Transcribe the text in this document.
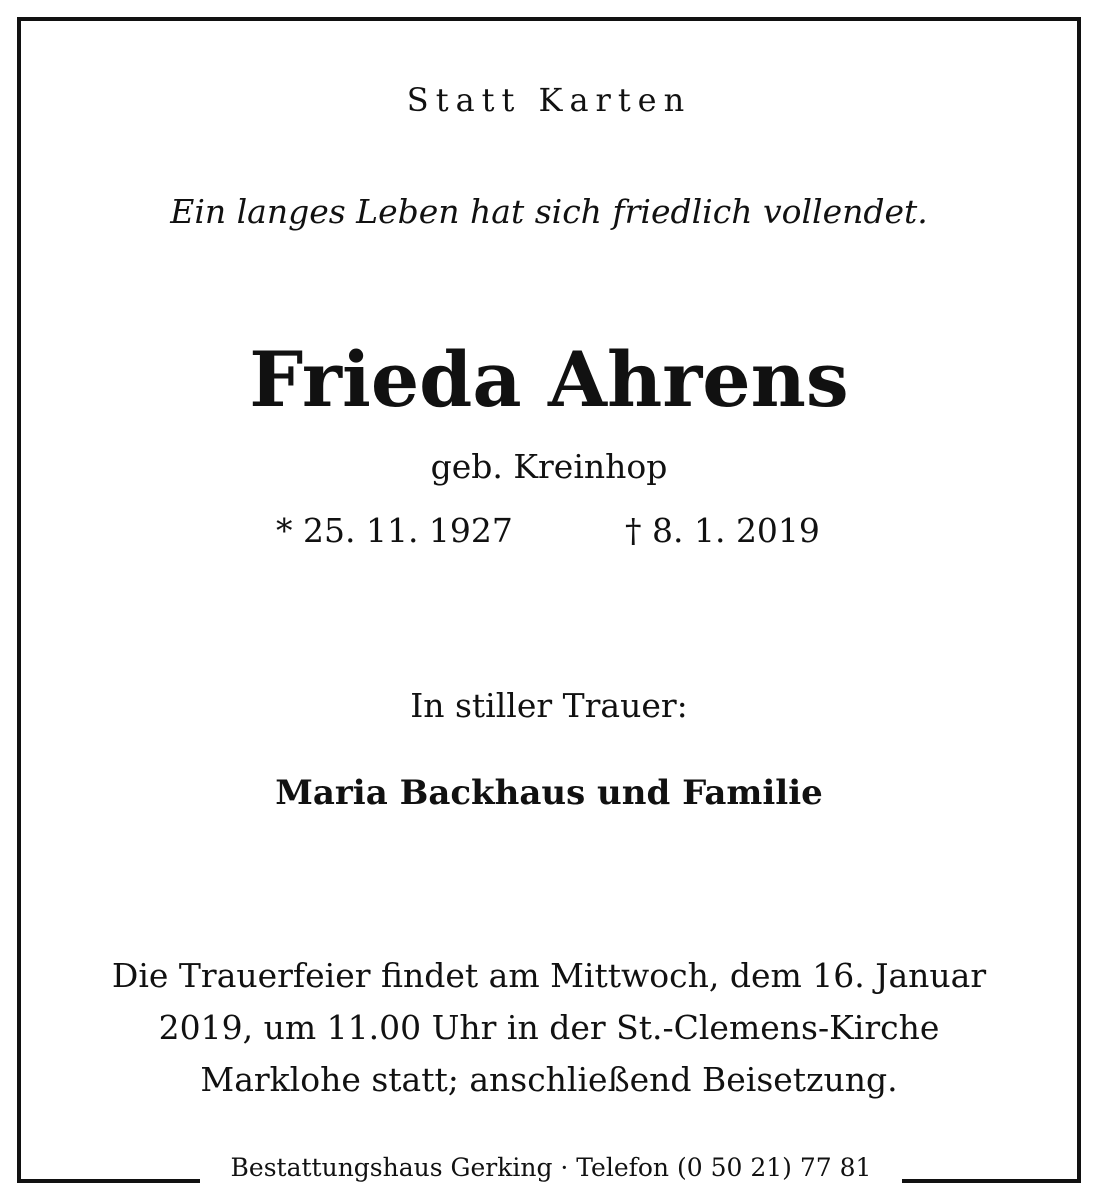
Statt Karten
Ein langes Leben hat sich friedlich vollendet.
Frieda Ahrens
geb. Kreinhop
* 25. 11. 1927	† 8. 1. 2019
In stiller Trauer:
Maria Backhaus und Familie
Die Trauerfeier findet am Mittwoch, dem 16. Januar
2019, um 11.00 Uhr in der St.-Clemens-Kirche
Marklohe statt; anschließend Beisetzung.
Bestattungshaus Gerking · Telefon (0 50 21) 77 81
